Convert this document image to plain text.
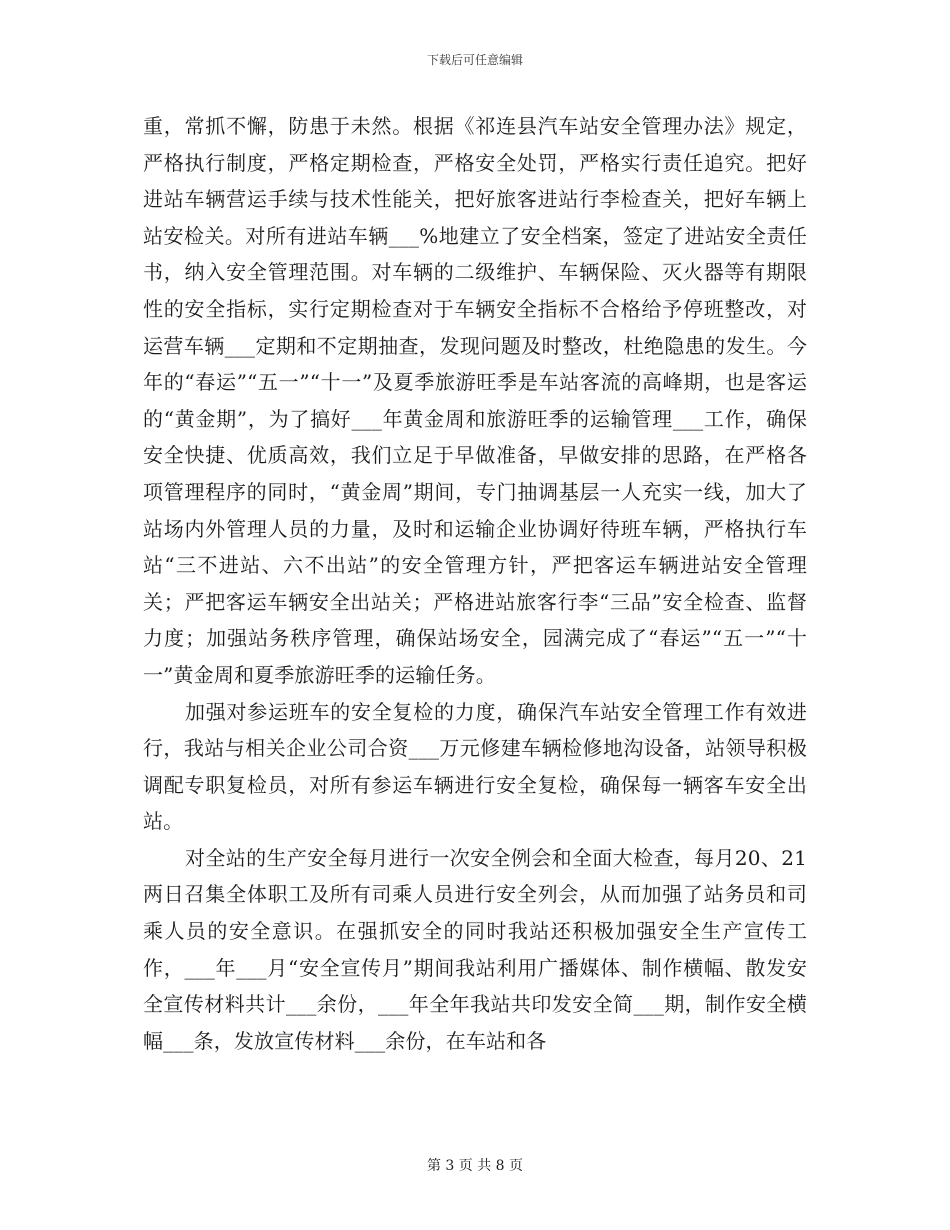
下载后可任意编辑

重，常抓不懈，防患于未然。根据《祁连县汽车站安全管理办法》规定，严格执行制度，严格定期检查，严格安全处罚，严格实行责任追究。把好进站车辆营运手续与技术性能关，把好旅客进站行李检查关，把好车辆上站安检关。对所有进站车辆___%地建立了安全档案，签定了进站安全责任书，纳入安全管理范围。对车辆的二级维护、车辆保险、灭火器等有期限性的安全指标，实行定期检查对于车辆安全指标不合格给予停班整改，对运营车辆___定期和不定期抽查，发现问题及时整改，杜绝隐患的发生。今年的“春运”“五一”“十一”及夏季旅游旺季是车站客流的高峰期，也是客运的“黄金期”，为了搞好___年黄金周和旅游旺季的运输管理___工作，确保安全快捷、优质高效，我们立足于早做准备，早做安排的思路，在严格各项管理程序的同时，“黄金周”期间，专门抽调基层一人充实一线，加大了站场内外管理人员的力量，及时和运输企业协调好待班车辆，严格执行车站“三不进站、六不出站”的安全管理方针，严把客运车辆进站安全管理关；严把客运车辆安全出站关；严格进站旅客行李“三品”安全检查、监督力度；加强站务秩序管理，确保站场安全，园满完成了“春运”“五一”“十一”黄金周和夏季旅游旺季的运输任务。

加强对参运班车的安全复检的力度，确保汽车站安全管理工作有效进行，我站与相关企业公司合资___万元修建车辆检修地沟设备，站领导积极调配专职复检员，对所有参运车辆进行安全复检，确保每一辆客车安全出站。

对全站的生产安全每月进行一次安全例会和全面大检查，每月20、21两日召集全体职工及所有司乘人员进行安全列会，从而加强了站务员和司乘人员的安全意识。在强抓安全的同时我站还积极加强安全生产宣传工作，___年___月“安全宣传月”期间我站利用广播媒体、制作横幅、散发安全宣传材料共计___余份，___年全年我站共印发安全简___期，制作安全横幅___条，发放宣传材料___余份，在车站和各

第 3 页 共 8 页
